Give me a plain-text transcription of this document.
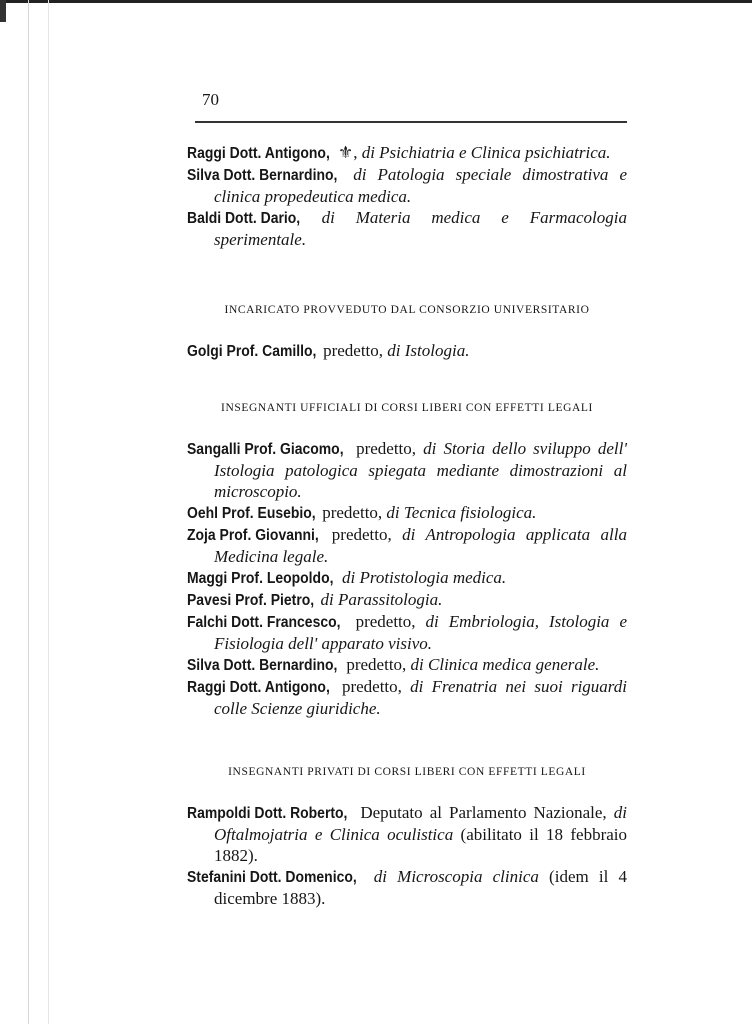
70

Raggi Dott. Antigono, ⚜, di Psichiatria e Clinica psichiatrica.

Silva Dott. Bernardino, di Patologia speciale dimostrativa e clinica propedeutica medica.

Baldi Dott. Dario, di Materia medica e Farmacologia sperimentale.

INCARICATO PROVVEDUTO DAL CONSORZIO UNIVERSITARIO

Golgi Prof. Camillo, predetto, di Istologia.

INSEGNANTI UFFICIALI DI CORSI LIBERI CON EFFETTI LEGALI

Sangalli Prof. Giacomo, predetto, di Storia dello sviluppo dell' Istologia patologica spiegata mediante dimostrazioni al microscopio.

Oehl Prof. Eusebio, predetto, di Tecnica fisiologica.

Zoja Prof. Giovanni, predetto, di Antropologia applicata alla Medicina legale.

Maggi Prof. Leopoldo, di Protistologia medica.

Pavesi Prof. Pietro, di Parassitologia.

Falchi Dott. Francesco, predetto, di Embriologia, Istologia e Fisiologia dell' apparato visivo.

Silva Dott. Bernardino, predetto, di Clinica medica generale.

Raggi Dott. Antigono, predetto, di Frenatria nei suoi riguardi colle Scienze giuridiche.

INSEGNANTI PRIVATI DI CORSI LIBERI CON EFFETTI LEGALI

Rampoldi Dott. Roberto, Deputato al Parlamento Nazionale, di Oftalmojatria e Clinica oculistica (abilitato il 18 febbraio 1882).

Stefanini Dott. Domenico, di Microscopia clinica (idem il 4 dicembre 1883).
